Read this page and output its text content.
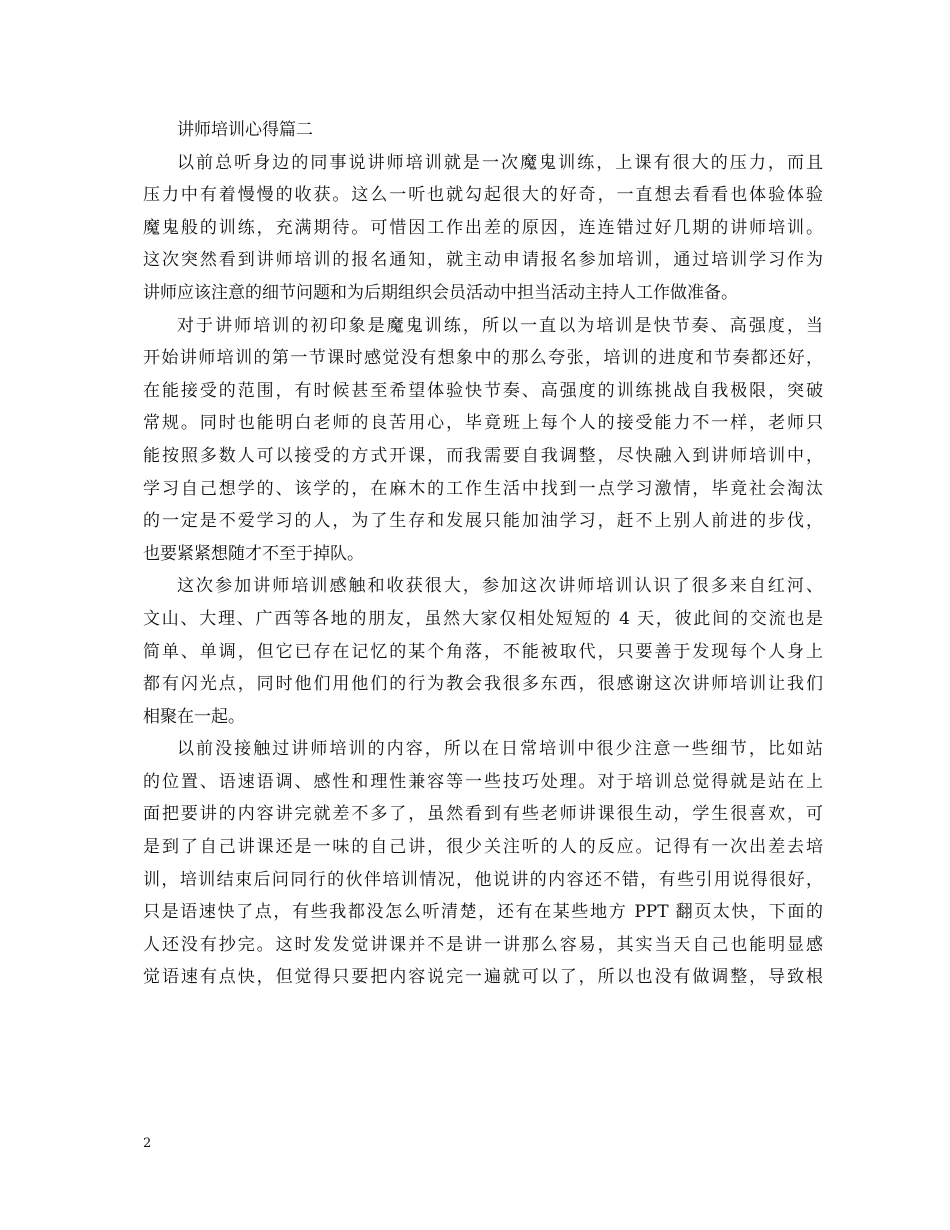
讲师培训心得篇二
以前总听身边的同事说讲师培训就是一次魔鬼训练，上课有很大的压力，而且
压力中有着慢慢的收获。这么一听也就勾起很大的好奇，一直想去看看也体验体验
魔鬼般的训练，充满期待。可惜因工作出差的原因，连连错过好几期的讲师培训。
这次突然看到讲师培训的报名通知，就主动申请报名参加培训，通过培训学习作为
讲师应该注意的细节问题和为后期组织会员活动中担当活动主持人工作做准备。
对于讲师培训的初印象是魔鬼训练，所以一直以为培训是快节奏、高强度，当
开始讲师培训的第一节课时感觉没有想象中的那么夸张，培训的进度和节奏都还好，
在能接受的范围，有时候甚至希望体验快节奏、高强度的训练挑战自我极限，突破
常规。同时也能明白老师的良苦用心，毕竟班上每个人的接受能力不一样，老师只
能按照多数人可以接受的方式开课，而我需要自我调整，尽快融入到讲师培训中，
学习自己想学的、该学的，在麻木的工作生活中找到一点学习激情，毕竟社会淘汰
的一定是不爱学习的人，为了生存和发展只能加油学习，赶不上别人前进的步伐，
也要紧紧想随才不至于掉队。
这次参加讲师培训感触和收获很大，参加这次讲师培训认识了很多来自红河、
文山、大理、广西等各地的朋友，虽然大家仅相处短短的 4 天，彼此间的交流也是
简单、单调，但它已存在记忆的某个角落，不能被取代，只要善于发现每个人身上
都有闪光点，同时他们用他们的行为教会我很多东西，很感谢这次讲师培训让我们
相聚在一起。
以前没接触过讲师培训的内容，所以在日常培训中很少注意一些细节，比如站
的位置、语速语调、感性和理性兼容等一些技巧处理。对于培训总觉得就是站在上
面把要讲的内容讲完就差不多了，虽然看到有些老师讲课很生动，学生很喜欢，可
是到了自己讲课还是一味的自己讲，很少关注听的人的反应。记得有一次出差去培
训，培训结束后问同行的伙伴培训情况，他说讲的内容还不错，有些引用说得很好，
只是语速快了点，有些我都没怎么听清楚，还有在某些地方 PPT 翻页太快，下面的
人还没有抄完。这时发发觉讲课并不是讲一讲那么容易，其实当天自己也能明显感
觉语速有点快，但觉得只要把内容说完一遍就可以了，所以也没有做调整，导致根
2
